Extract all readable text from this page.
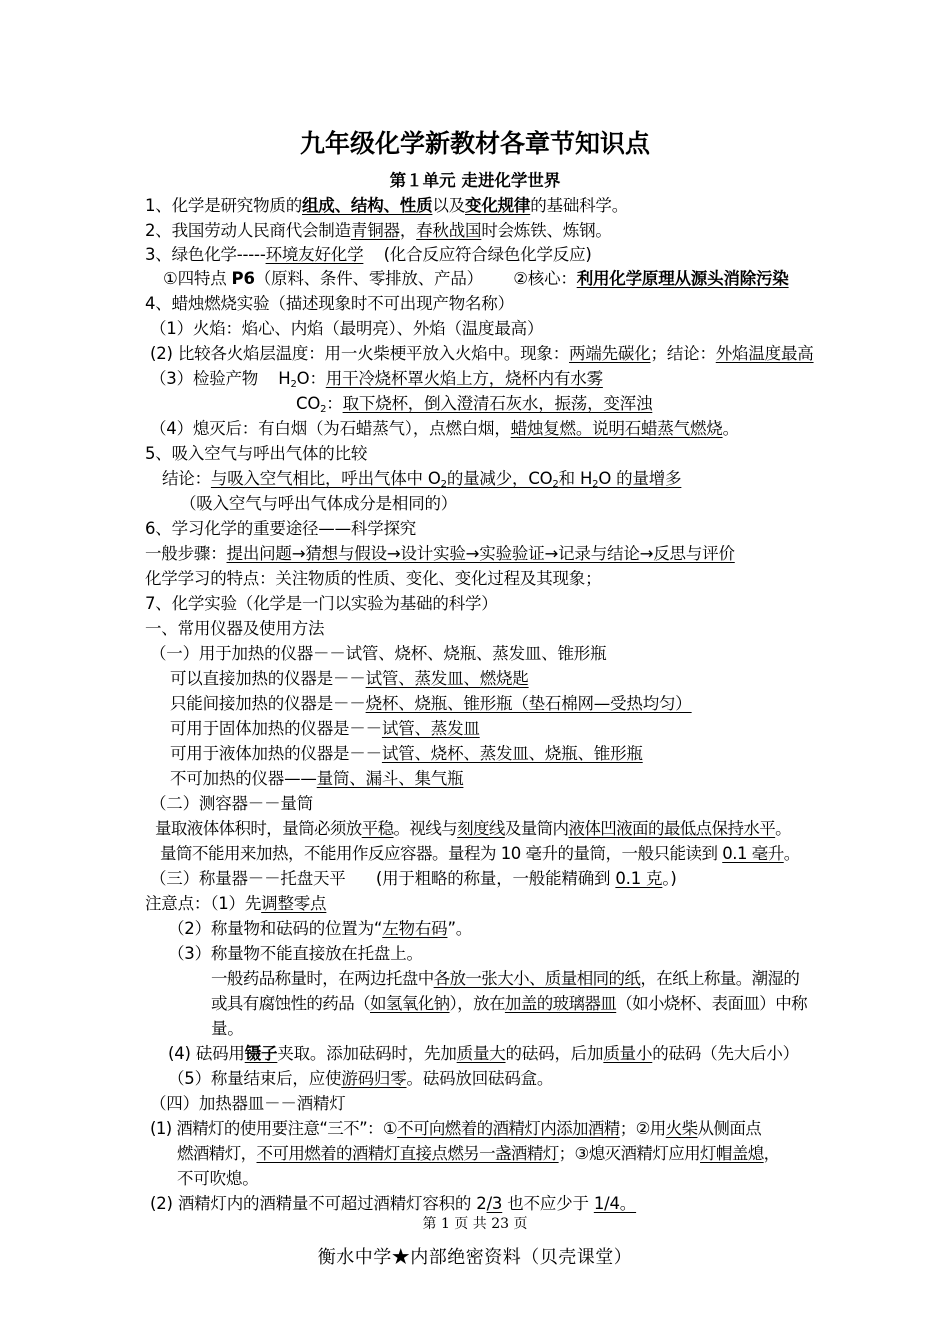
九年级化学新教材各章节知识点
第１单元 走进化学世界
1、化学是研究物质的组成、结构、性质以及变化规律的基础科学。
2、我国劳动人民商代会制造青铜器，春秋战国时会炼铁、炼钢。
3、绿色化学-----环境友好化学    (化合反应符合绿色化学反应)
①四特点 P6（原料、条件、零排放、产品）      ②核心：利用化学原理从源头消除污染
4、蜡烛燃烧实验（描述现象时不可出现产物名称）
（1）火焰：焰心、内焰（最明亮）、外焰（温度最高）
(2) 比较各火焰层温度：用一火柴梗平放入火焰中。现象：两端先碳化；结论：外焰温度最高
（3）检验产物    $H_2O$：用干冷烧杯罩火焰上方，烧杯内有水雾
$CO_2$：取下烧杯，倒入澄清石灰水，振荡，变浑浊
（4）熄灭后：有白烟（为石蜡蒸气），点燃白烟，蜡烛复燃。说明石蜡蒸气燃烧。
5、吸入空气与呼出气体的比较
结论：与吸入空气相比，呼出气体中 $O_2$的量减少，$CO_2$和 $H_2O$ 的量增多
（吸入空气与呼出气体成分是相同的）
6、学习化学的重要途径——科学探究
一般步骤：提出问题→猜想与假设→设计实验→实验验证→记录与结论→反思与评价
化学学习的特点：关注物质的性质、变化、变化过程及其现象；
7、化学实验（化学是一门以实验为基础的科学）
一、常用仪器及使用方法
（一）用于加热的仪器－－试管、烧杯、烧瓶、蒸发皿、锥形瓶
可以直接加热的仪器是－－试管、蒸发皿、燃烧匙
只能间接加热的仪器是－－烧杯、烧瓶、锥形瓶（垫石棉网—受热均匀）
可用于固体加热的仪器是－－试管、蒸发皿
可用于液体加热的仪器是－－试管、烧杯、蒸发皿、烧瓶、锥形瓶
不可加热的仪器——量筒、漏斗、集气瓶
（二）测容器－－量筒
量取液体体积时，量筒必须放平稳。视线与刻度线及量筒内液体凹液面的最低点保持水平。
量筒不能用来加热，不能用作反应容器。量程为 10 毫升的量筒，一般只能读到 0.1 毫升。
（三）称量器－－托盘天平      (用于粗略的称量，一般能精确到 0.1 克。)
注意点：（1）先调整零点
（2）称量物和砝码的位置为“左物右码”。
（3）称量物不能直接放在托盘上。
一般药品称量时，在两边托盘中各放一张大小、质量相同的纸，在纸上称量。潮湿的
或具有腐蚀性的药品（如氢氧化钠），放在加盖的玻璃器皿（如小烧杯、表面皿）中称
量。
(4) 砝码用镊子夹取。添加砝码时，先加质量大的砝码，后加质量小的砝码（先大后小）
（5）称量结束后，应使游码归零。砝码放回砝码盒。
（四）加热器皿－－酒精灯
(1) 酒精灯的使用要注意“三不”：①不可向燃着的酒精灯内添加酒精；②用火柴从侧面点
燃酒精灯，不可用燃着的酒精灯直接点燃另一盏酒精灯；③熄灭酒精灯应用灯帽盖熄，
不可吹熄。
(2) 酒精灯内的酒精量不可超过酒精灯容积的 2/3 也不应少于 1/4。
第 1 页 共 23 页
衡水中学★内部绝密资料（贝壳课堂）
